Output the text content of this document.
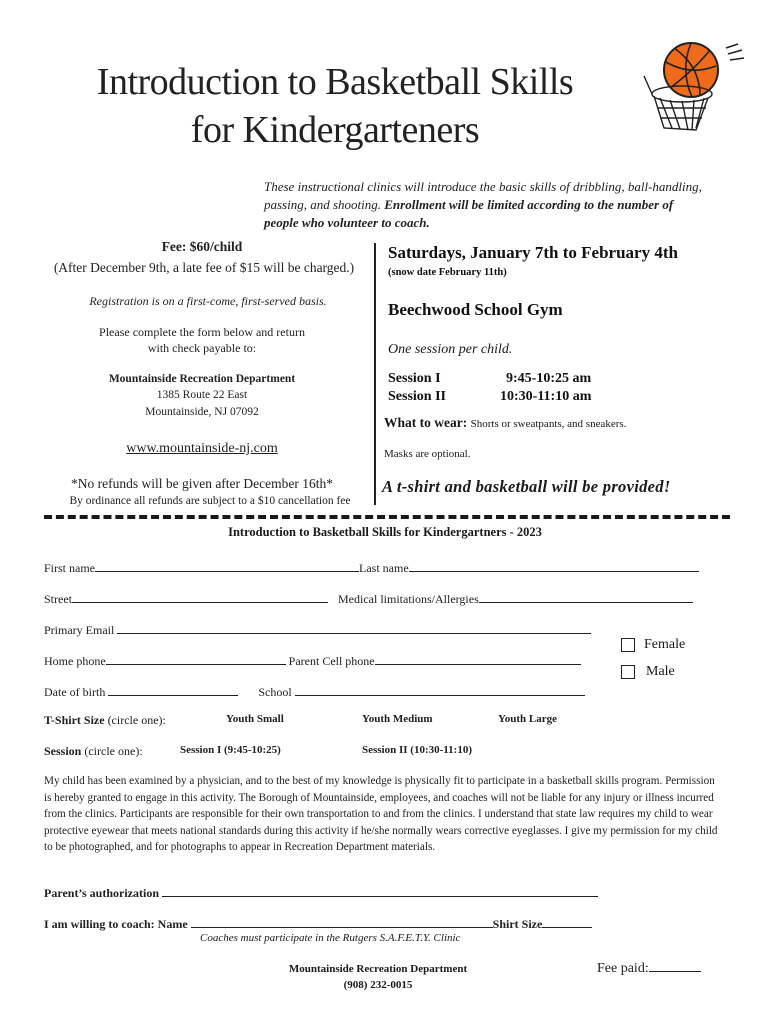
Introduction to Basketball Skills
for Kindergarteners
These instructional clinics will introduce the basic skills of dribbling, ball-handling, passing, and shooting. Enrollment will be limited according to the number of people who volunteer to coach.
Fee: $60/child
(After December 9th, a late fee of $15 will be charged.)
Registration is on a first-come, first-served basis.
Please complete the form below and return
with check payable to:
Mountainside Recreation Department
1385 Route 22 East
Mountainside, NJ 07092
www.mountainside-nj.com
*No refunds will be given after December 16th*
By ordinance all refunds are subject to a $10 cancellation fee
Saturdays, January 7th to February 4th
(snow date February 11th)
Beechwood School Gym
One session per child.
Session I	9:45-10:25 am
Session II	10:30-11:10 am
What to wear: Shorts or sweatpants, and sneakers.
Masks are optional.
A t-shirt and basketball will be provided!
Introduction to Basketball Skills for Kindergartners - 2023
First name	Last name
Street	Medical limitations/Allergies
Primary Email
Home phone	Parent Cell phone
Date of birth	School
Female
Male
T-Shirt Size (circle one):	Youth Small	Youth Medium	Youth Large
Session (circle one):	Session I (9:45-10:25)	Session II (10:30-11:10)
My child has been examined by a physician, and to the best of my knowledge is physically fit to participate in a basketball skills program. Permission is hereby granted to engage in this activity. The Borough of Mountainside, employees, and coaches will not be liable for any injury or illness incurred from the clinics. Participants are responsible for their own transportation to and from the clinics. I understand that state law requires my child to wear protective eyewear that meets national standards during this activity if he/she normally wears corrective eyeglasses. I give my permission for my child to be photographed, and for photographs to appear in Recreation Department materials.
Parent’s authorization
I am willing to coach: Name	Shirt Size
Coaches must participate in the Rutgers S.A.F.E.T.Y. Clinic
Mountainside Recreation Department
(908) 232-0015
Fee paid:
